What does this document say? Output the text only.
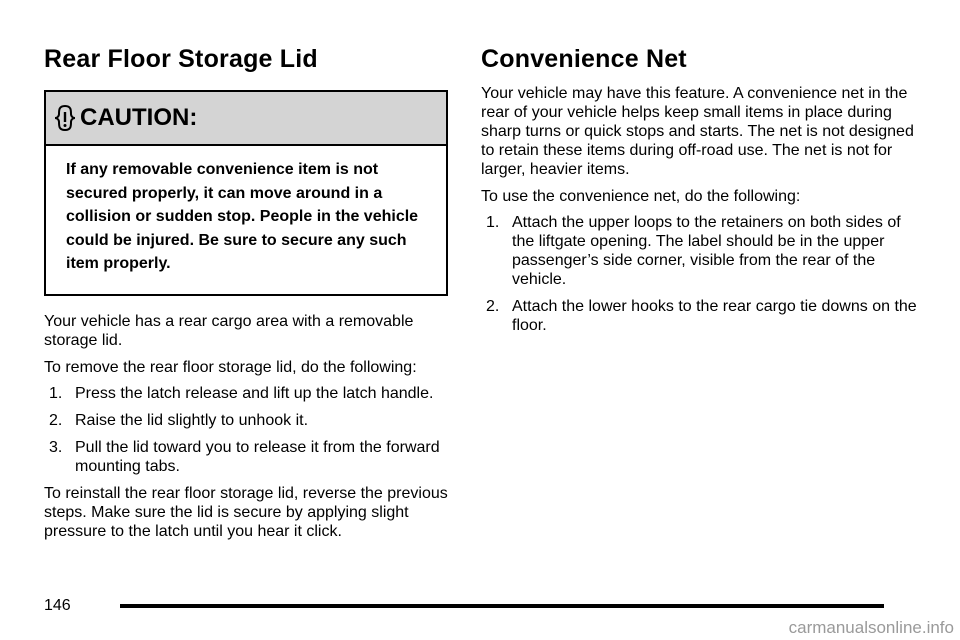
Rear Floor Storage Lid
CAUTION:
If any removable convenience item is not secured properly, it can move around in a collision or sudden stop. People in the vehicle could be injured. Be sure to secure any such item properly.

Your vehicle has a rear cargo area with a removable storage lid.

To remove the rear floor storage lid, do the following:

1. Press the latch release and lift up the latch handle.
2. Raise the lid slightly to unhook it.
3. Pull the lid toward you to release it from the forward mounting tabs.

To reinstall the rear floor storage lid, reverse the previous steps. Make sure the lid is secure by applying slight pressure to the latch until you hear it click.

Convenience Net

Your vehicle may have this feature. A convenience net in the rear of your vehicle helps keep small items in place during sharp turns or quick stops and starts. The net is not designed to retain these items during off-road use. The net is not for larger, heavier items.

To use the convenience net, do the following:

1. Attach the upper loops to the retainers on both sides of the liftgate opening. The label should be in the upper passenger’s side corner, visible from the rear of the vehicle.
2. Attach the lower hooks to the rear cargo tie downs on the floor.
146
carmanualsonline.info
